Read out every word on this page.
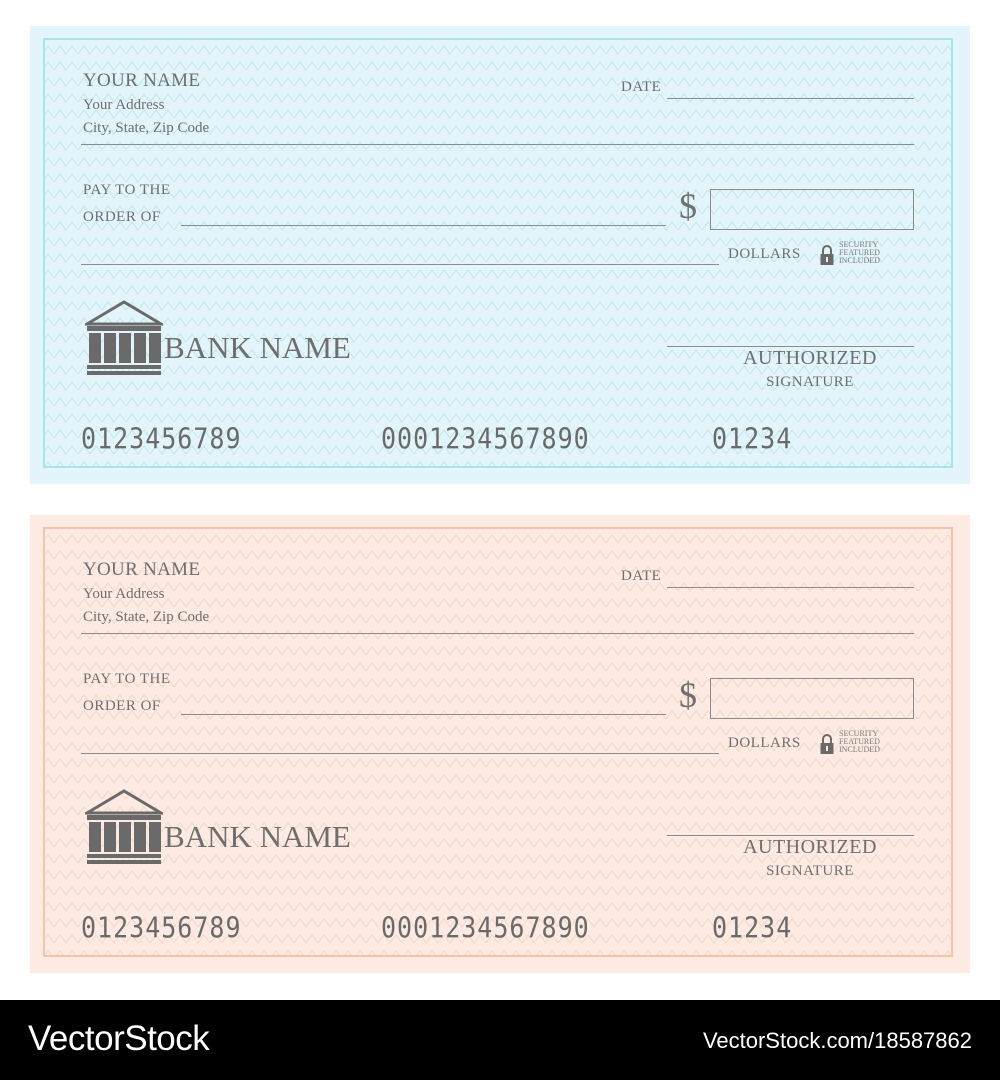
YOUR NAME
Your Address
City, State, Zip Code
DATE
PAY TO THE
ORDER OF	$
DOLLARS
SECURITY
FEATURED
INCLUDED
BANK NAME	AUTHORIZED
SIGNATURE
0123456789	0001234567890	01234
YOUR NAME
Your Address
City, State, Zip Code
DATE
PAY TO THE
ORDER OF	$
DOLLARS
SECURITY
FEATURED
INCLUDED
BANK NAME	AUTHORIZED
SIGNATURE
0123456789	0001234567890	01234
VectorStock	VectorStock.com/18587862
